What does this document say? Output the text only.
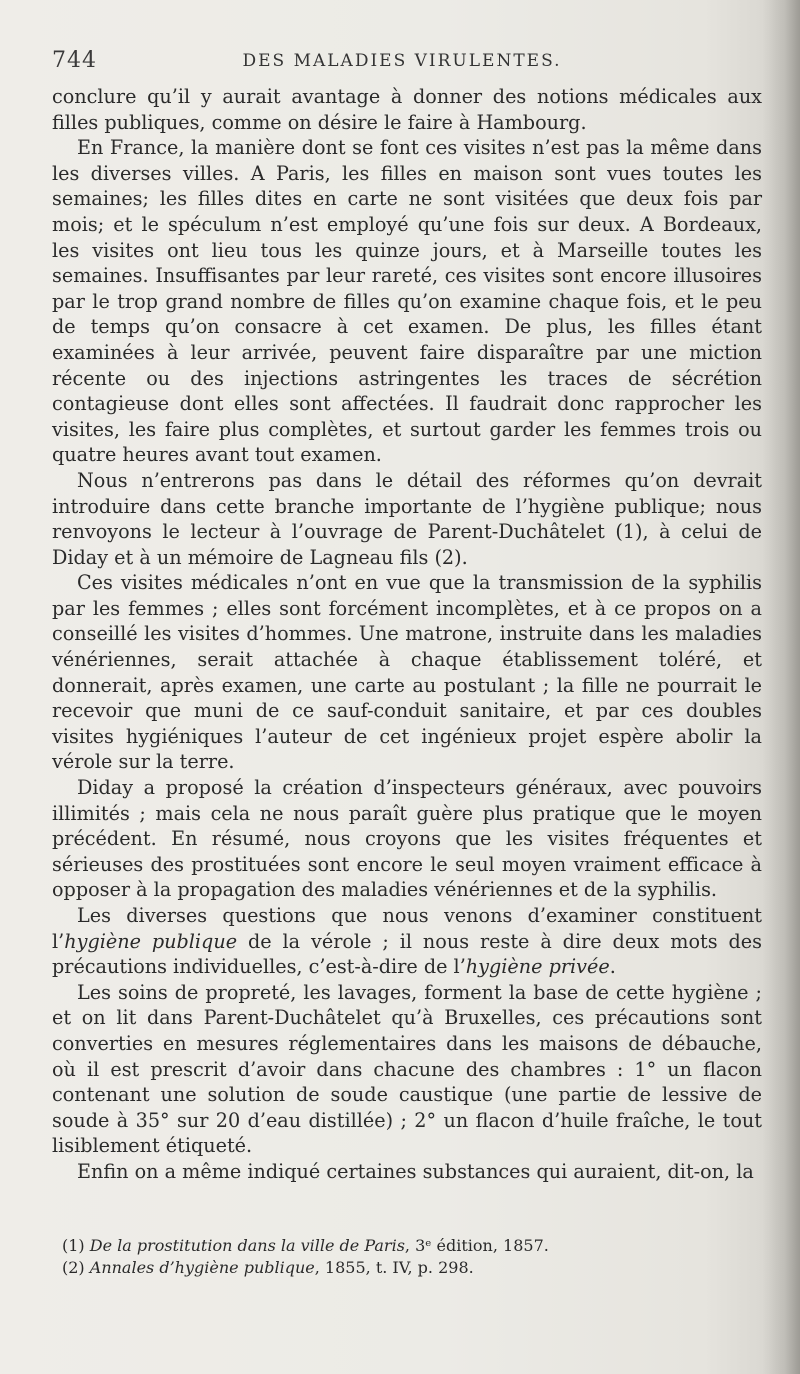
744	DES MALADIES VIRULENTES.

conclure qu’il y aurait avantage à donner des notions médicales aux filles publiques, comme on désire le faire à Hambourg.

En France, la manière dont se font ces visites n’est pas la même dans les diverses villes. A Paris, les filles en maison sont vues toutes les semaines; les filles dites en carte ne sont visitées que deux fois par mois; et le spéculum n’est employé qu’une fois sur deux. A Bordeaux, les visites ont lieu tous les quinze jours, et à Marseille toutes les semaines. Insuffisantes par leur rareté, ces visites sont encore illusoires par le trop grand nombre de filles qu’on examine chaque fois, et le peu de temps qu’on consacre à cet examen. De plus, les filles étant examinées à leur arrivée, peuvent faire disparaître par une miction récente ou des injections astringentes les traces de sécrétion contagieuse dont elles sont affectées. Il faudrait donc rapprocher les visites, les faire plus complètes, et surtout garder les femmes trois ou quatre heures avant tout examen.

Nous n’entrerons pas dans le détail des réformes qu’on devrait introduire dans cette branche importante de l’hygiène publique; nous renvoyons le lecteur à l’ouvrage de Parent-Duchâtelet (1), à celui de Diday et à un mémoire de Lagneau fils (2).

Ces visites médicales n’ont en vue que la transmission de la syphilis par les femmes ; elles sont forcément incomplètes, et à ce propos on a conseillé les visites d’hommes. Une matrone, instruite dans les maladies vénériennes, serait attachée à chaque établissement toléré, et donnerait, après examen, une carte au postulant ; la fille ne pourrait le recevoir que muni de ce sauf-conduit sanitaire, et par ces doubles visites hygiéniques l’auteur de cet ingénieux projet espère abolir la vérole sur la terre.

Diday a proposé la création d’inspecteurs généraux, avec pouvoirs illimités ; mais cela ne nous paraît guère plus pratique que le moyen précédent. En résumé, nous croyons que les visites fréquentes et sérieuses des prostituées sont encore le seul moyen vraiment efficace à opposer à la propagation des maladies vénériennes et de la syphilis.

Les diverses questions que nous venons d’examiner constituent l’hygiène publique de la vérole ; il nous reste à dire deux mots des précautions individuelles, c’est-à-dire de l’hygiène privée.

Les soins de propreté, les lavages, forment la base de cette hygiène ; et on lit dans Parent-Duchâtelet qu’à Bruxelles, ces précautions sont converties en mesures réglementaires dans les maisons de débauche, où il est prescrit d’avoir dans chacune des chambres : 1° un flacon contenant une solution de soude caustique (une partie de lessive de soude à 35° sur 20 d’eau distillée) ; 2° un flacon d’huile fraîche, le tout lisiblement étiqueté.

Enfin on a même indiqué certaines substances qui auraient, dit-on, la

(1) De la prostitution dans la ville de Paris, 3ᵉ édition, 1857.

(2) Annales d’hygiène publique, 1855, t. IV, p. 298.
